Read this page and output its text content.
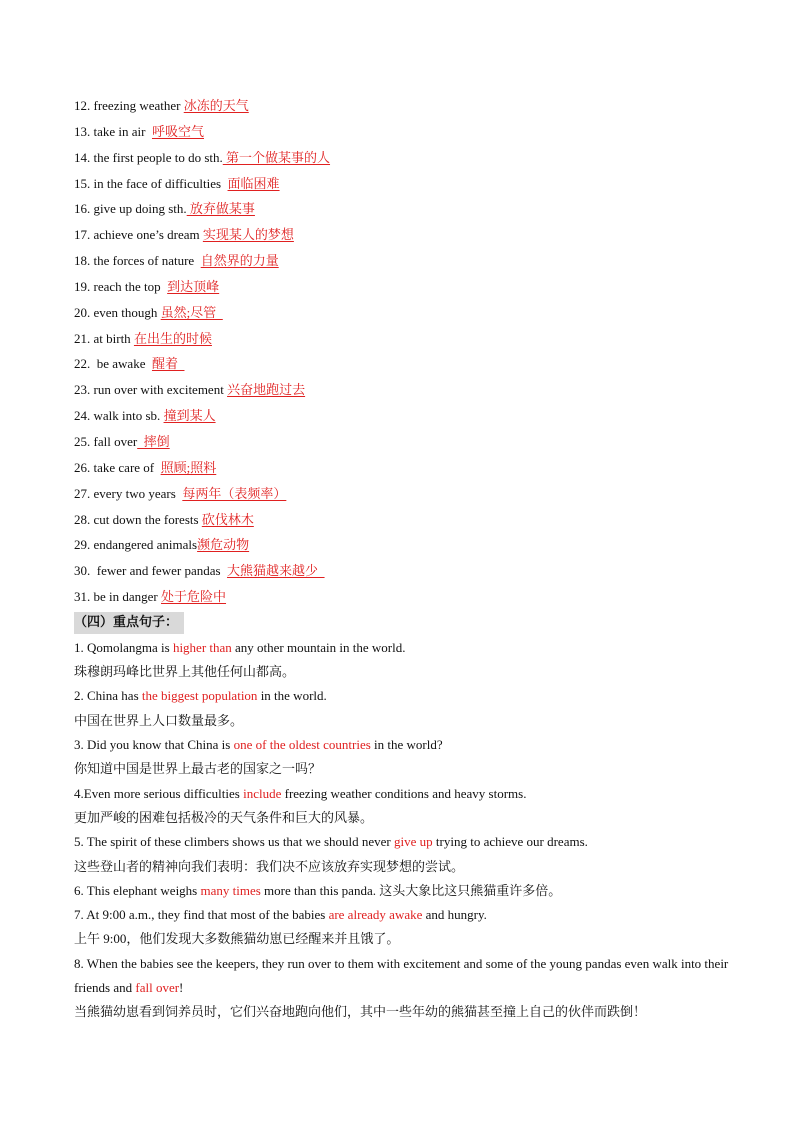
12. freezing weather 冰冻的天气
13. take in air  呼吸空气
14. the first people to do sth. 第一个做某事的人
15. in the face of difficulties  面临困难
16. give up doing sth. 放弃做某事
17. achieve one’s dream 实现某人的梦想
18. the forces of nature  自然界的力量
19. reach the top  到达顶峰
20. even though 虽然;尽管
21. at birth 在出生的时候
22.  be awake  醒着
23. run over with excitement 兴奋地跑过去
24. walk into sb. 撞到某人
25. fall over  摔倒
26. take care of  照顾;照料
27. every two years  每两年（表频率）
28. cut down the forests 砍伐林木
29. endangered animals濒危动物
30.  fewer and fewer pandas  大熊猫越来越少
31. be in danger 处于危险中
（四）重点句子：
1. Qomolangma is higher than any other mountain in the world.
珠穆朗玛峰比世界上其他任何山都高。
2. China has the biggest population in the world.
中国在世界上人口数量最多。
3. Did you know that China is one of the oldest countries in the world?
你知道中国是世界上最古老的国家之一吗？
4.Even more serious difficulties include freezing weather conditions and heavy storms.
更加严峻的困难包括极冷的天气条件和巨大的风暴。
5. The spirit of these climbers shows us that we should never give up trying to achieve our dreams.
这些登山者的精神向我们表明：我们决不应该放弃实现梦想的尝试。
6. This elephant weighs many times more than this panda. 这头大象比这只熊猫重许多倍。
7. At 9:00 a.m., they find that most of the babies are already awake and hungry.
上午 9:00，他们发现大多数熊猫幼崽已经醒来并且饿了。
8. When the babies see the keepers, they run over to them with excitement and some of the young pandas even walk into their friends and fall over!
当熊猫幼崽看到饲养员时，它们兴奋地跑向他们，其中一些年幼的熊猫甚至撞上自己的伙伴而跌倒！
